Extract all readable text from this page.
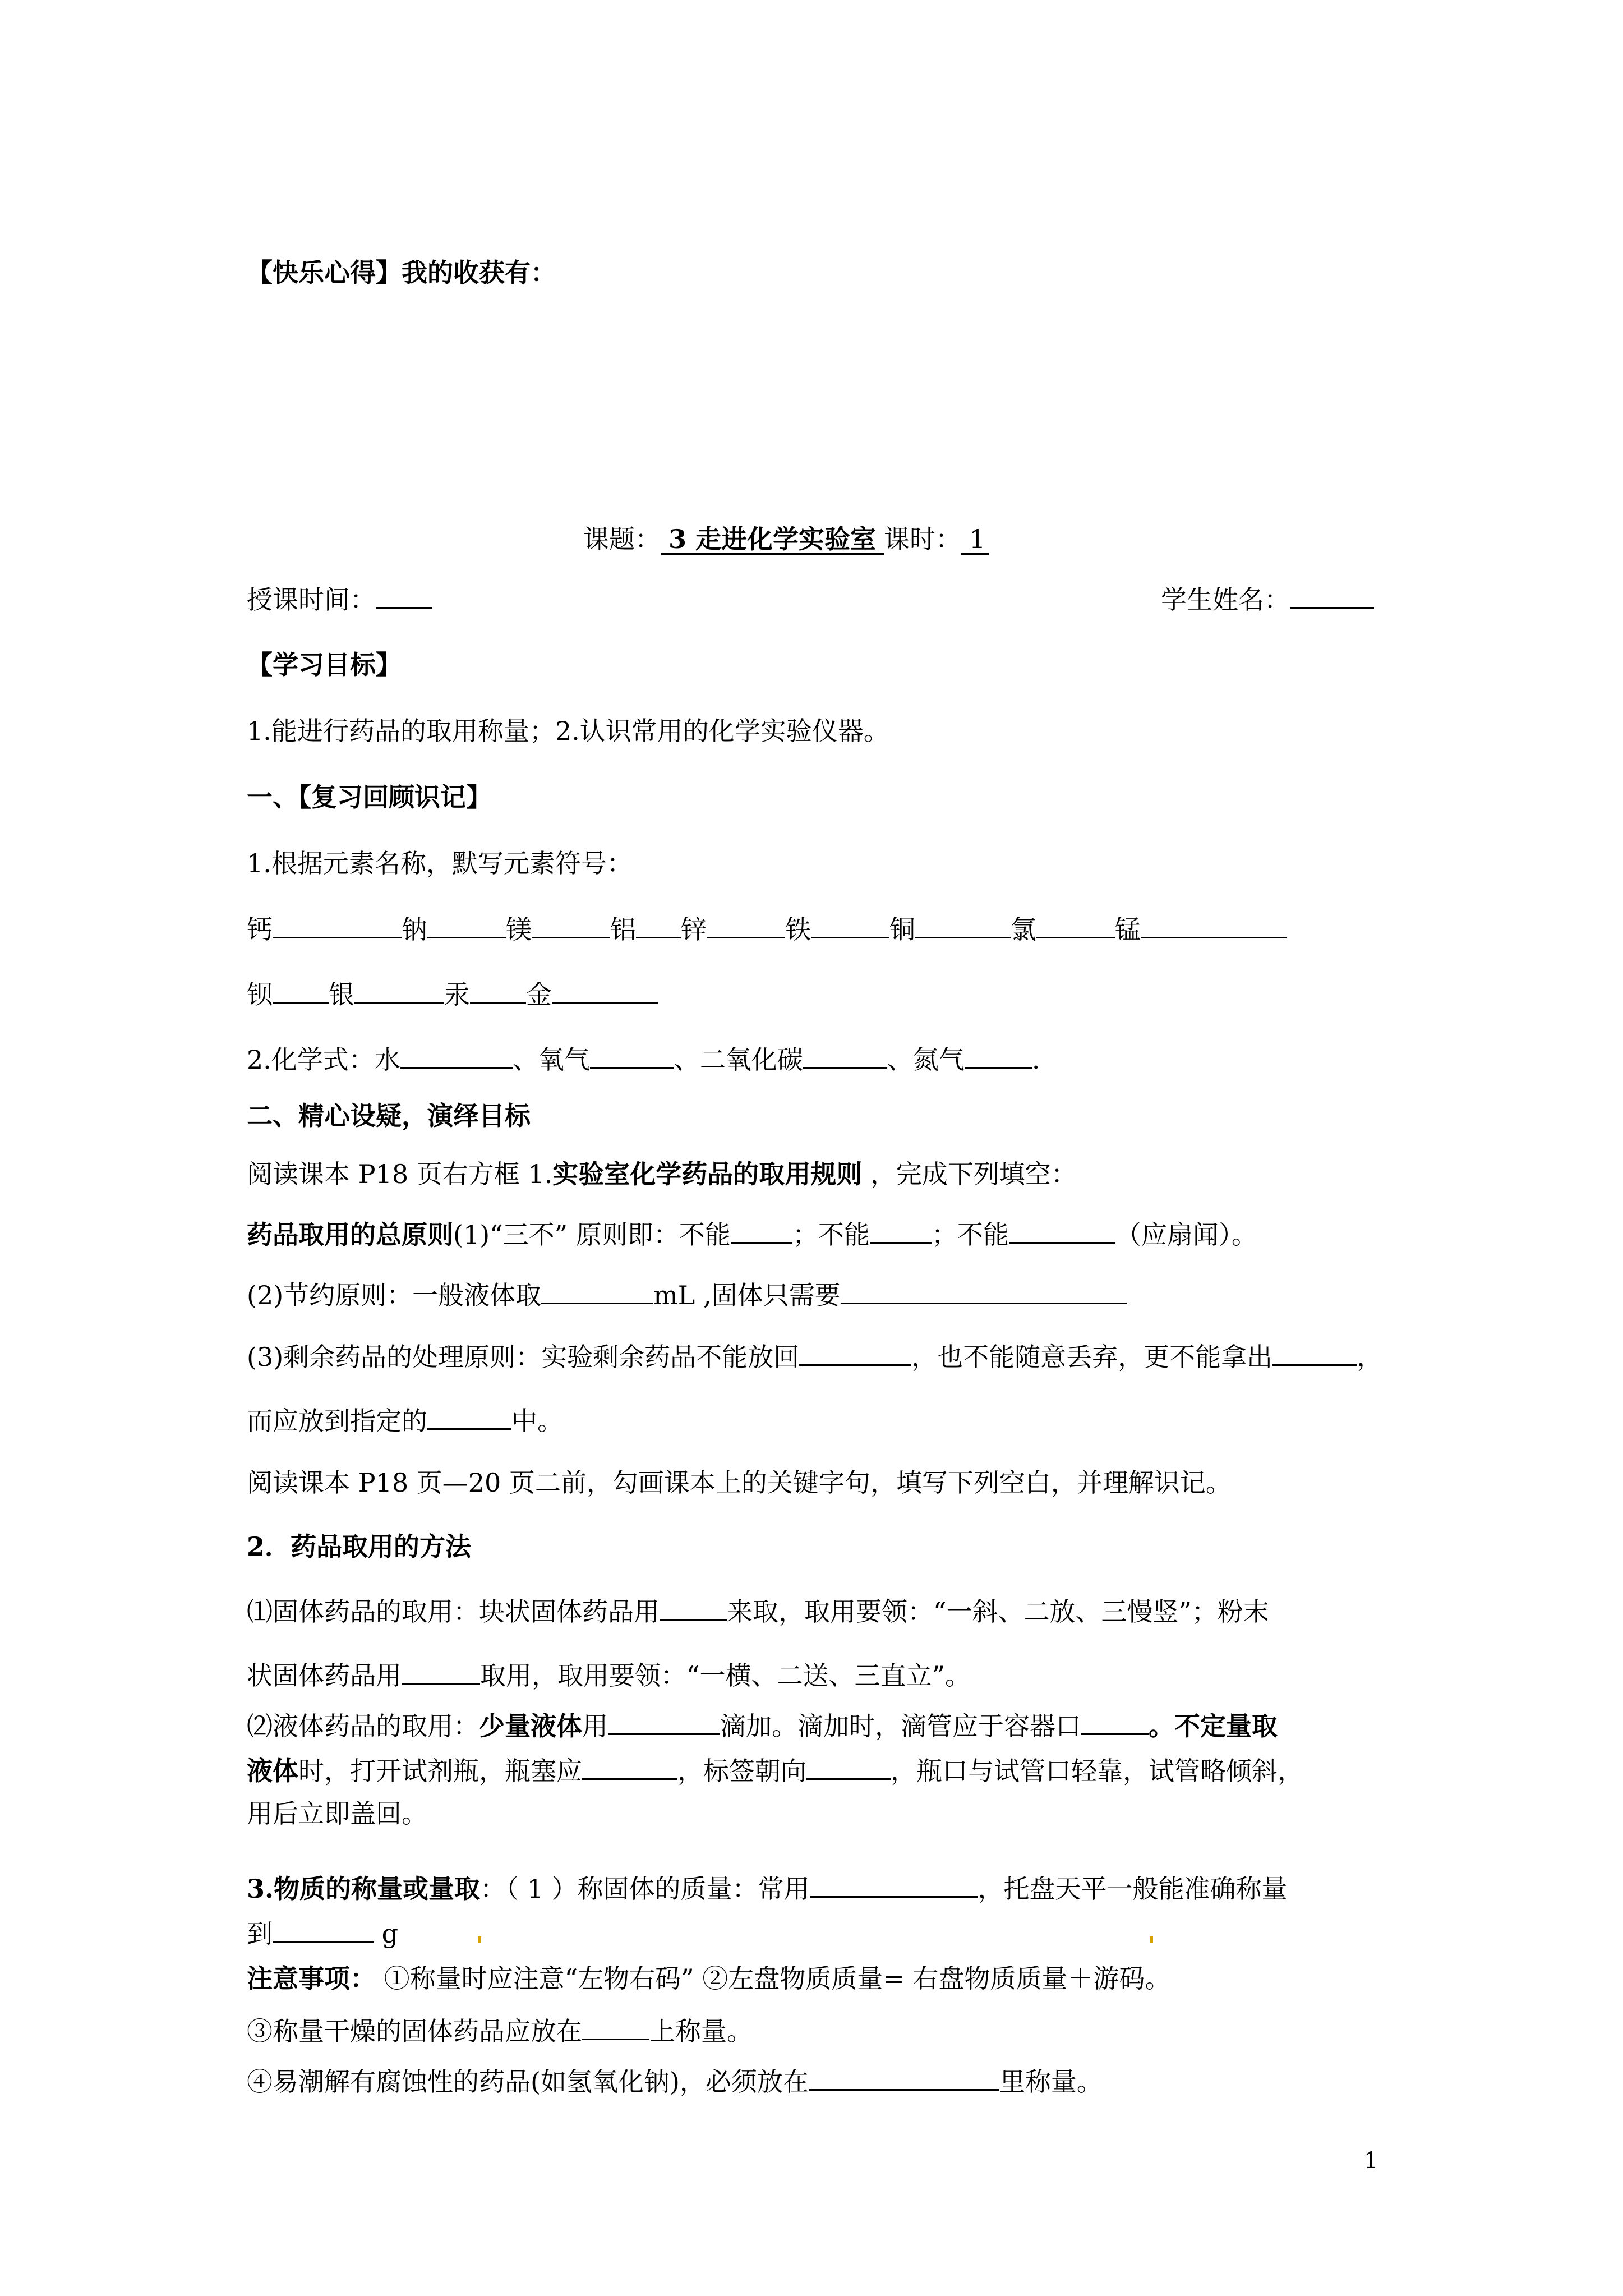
【快乐心得】我的收获有：
课题： 3 走进化学实验室 课时： 1
授课时间：	学生姓名：
【学习目标】
1.能进行药品的取用称量；2.认识常用的化学实验仪器。
一、【复习回顾识记】
1.根据元素名称，默写元素符号：
钙	钠	镁	铝 锌	铁	铜	氯	锰
钡 银	汞 金
2.化学式：水	、氧气	、二氧化碳	、氮气	.
二、精心设疑，演绎目标
阅读课本 P18 页右方框 1.实验室化学药品的取用规则 ，完成下列填空：
药品取用的总原则(1)“三不” 原则即：不能 ；不能 ；不能	（应扇闻）。
(2)节约原则：一般液体取	mL ,固体只需要
(3)剩余药品的处理原则：实验剩余药品不能放回	，也不能随意丢弃，更不能拿出	，
而应放到指定的	中。
阅读课本 P18 页—20 页二前，勾画课本上的关键字句，填写下列空白，并理解识记。
2．药品取用的方法
⑴固体药品的取用：块状固体药品用	来取，取用要领：“一斜、二放、三慢竖”；粉末
状固体药品用	取用，取用要领：“一横、二送、三直立”。
⑵液体药品的取用：少量液体用	滴加。滴加时，滴管应于容器口	。不定量取
液体时，打开试剂瓶，瓶塞应	，标签朝向	，瓶口与试管口轻靠，试管略倾斜，
用后立即盖回。
3.物质的称量或量取：（ 1 ）称固体的质量：常用	，托盘天平一般能准确称量
到	g
注意事项： ①称量时应注意“左物右码” ②左盘物质质量= 右盘物质质量＋游码。
③称量干燥的固体药品应放在	上称量。
④易潮解有腐蚀性的药品(如氢氧化钠)，必须放在	里称量。
1
